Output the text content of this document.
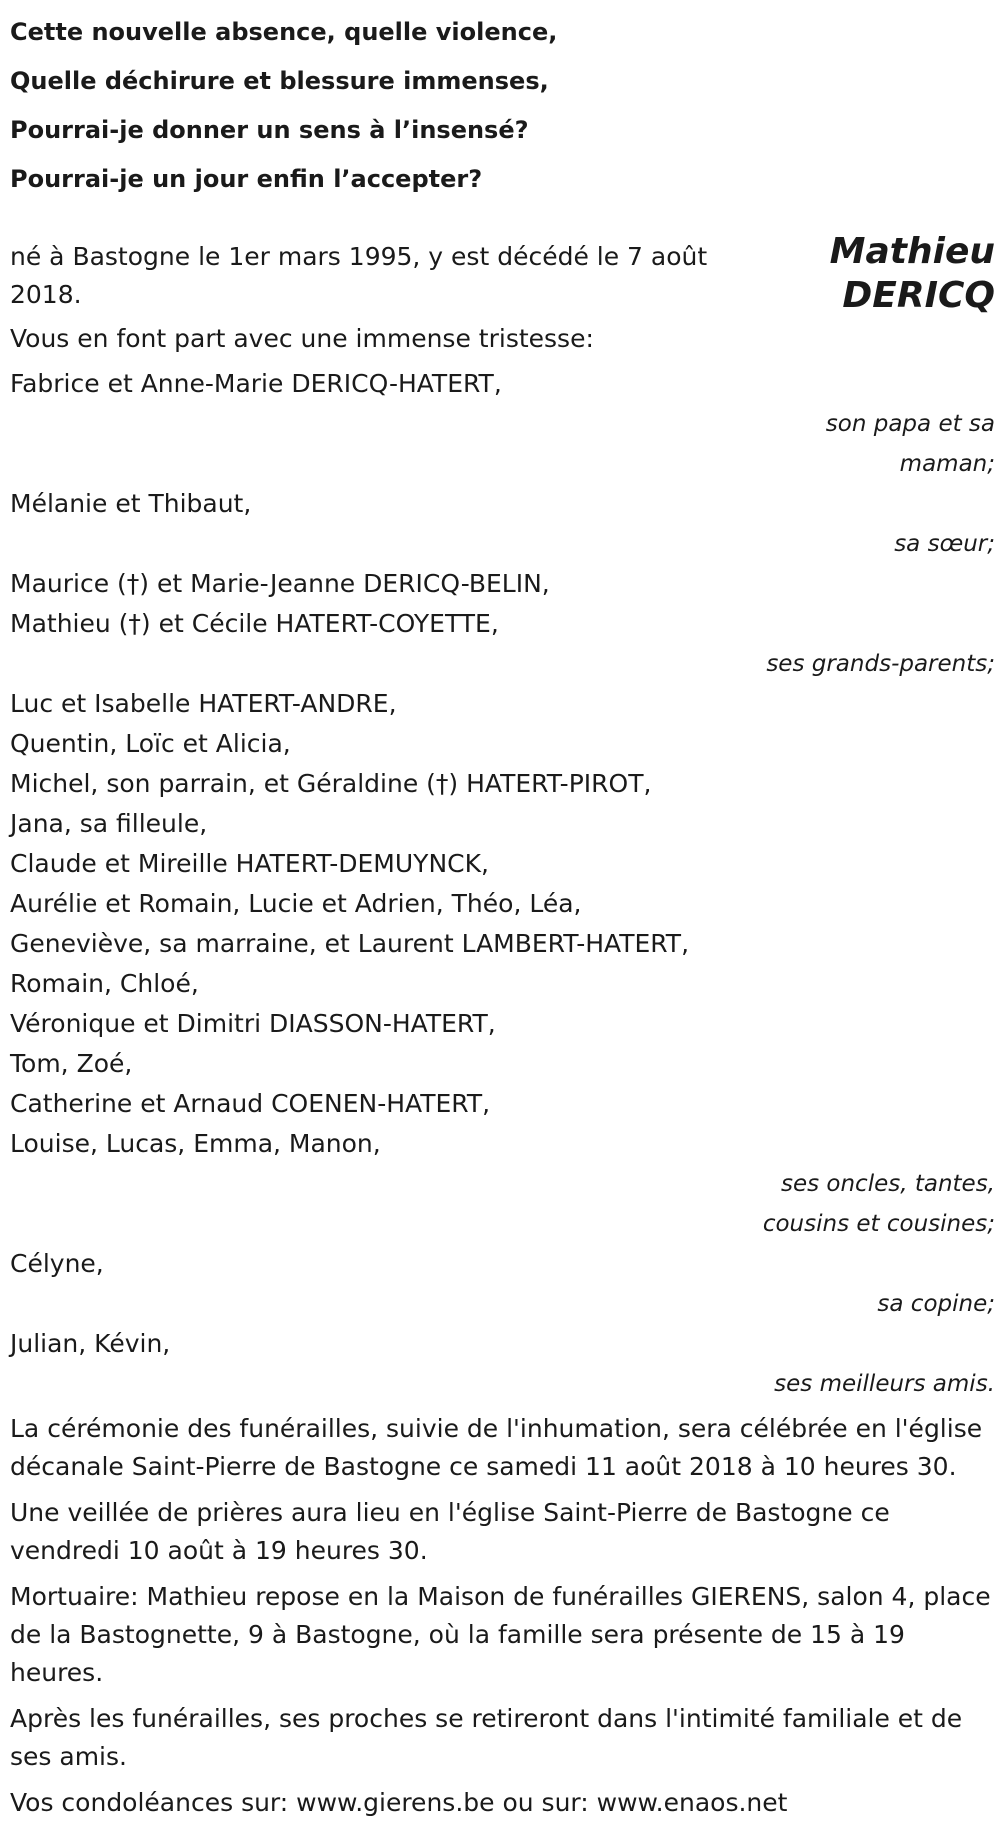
Cette nouvelle absence, quelle violence,
Quelle déchirure et blessure immenses,
Pourrai-je donner un sens à l’insensé?
Pourrai-je un jour enfin l’accepter?
Mathieu
DERICQ
né à Bastogne le 1er mars 1995, y est décédé le 7 août 2018.
Vous en font part avec une immense tristesse:
Fabrice et Anne-Marie DERICQ-HATERT,
son papa et sa
maman;
Mélanie et Thibaut,
sa sœur;
Maurice (†) et Marie-Jeanne DERICQ-BELIN,
Mathieu (†) et Cécile HATERT-COYETTE,
ses grands-parents;
Luc et Isabelle HATERT-ANDRE,
Quentin, Loïc et Alicia,
Michel, son parrain, et Géraldine (†) HATERT-PIROT,
Jana, sa filleule,
Claude et Mireille HATERT-DEMUYNCK,
Aurélie et Romain, Lucie et Adrien, Théo, Léa,
Geneviève, sa marraine, et Laurent LAMBERT-HATERT,
Romain, Chloé,
Véronique et Dimitri DIASSON-HATERT,
Tom, Zoé,
Catherine et Arnaud COENEN-HATERT,
Louise, Lucas, Emma, Manon,
ses oncles, tantes,
cousins et cousines;
Célyne,
sa copine;
Julian, Kévin,
ses meilleurs amis.
La cérémonie des funérailles, suivie de l'inhumation, sera célébrée en l'église décanale Saint-Pierre de Bastogne ce samedi 11 août 2018 à 10 heures 30.
Une veillée de prières aura lieu en l'église Saint-Pierre de Bastogne ce vendredi 10 août à 19 heures 30.
Mortuaire: Mathieu repose en la Maison de funérailles GIERENS, salon 4, place de la Bastognette, 9 à Bastogne, où la famille sera présente de 15 à 19 heures.
Après les funérailles, ses proches se retireront dans l'intimité familiale et de ses amis.
Vos condoléances sur: www.gierens.be ou sur: www.enaos.net
